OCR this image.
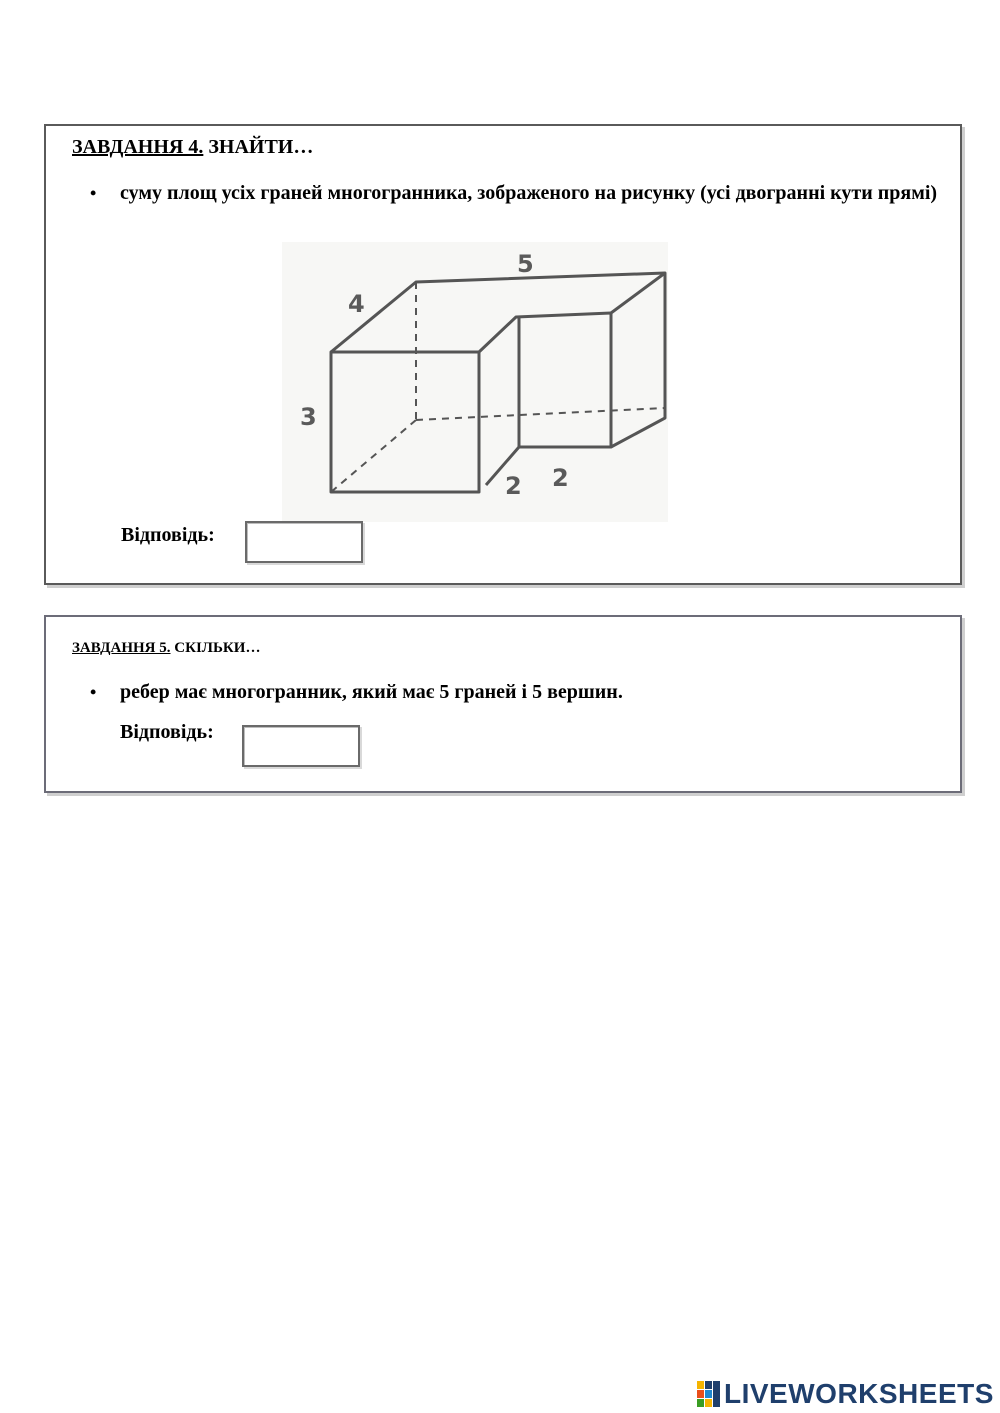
ЗАВДАННЯ 4. ЗНАЙТИ…
• суму площ усіх граней многогранника, зображеного на рисунку (усі двогранні кути прямі)
5
4
3
2 2
Відповідь:
ЗАВДАННЯ 5. СКІЛЬКИ…
• ребер має многогранник, який має 5 граней і 5 вершин.
Відповідь:
LIVEWORKSHEETS
